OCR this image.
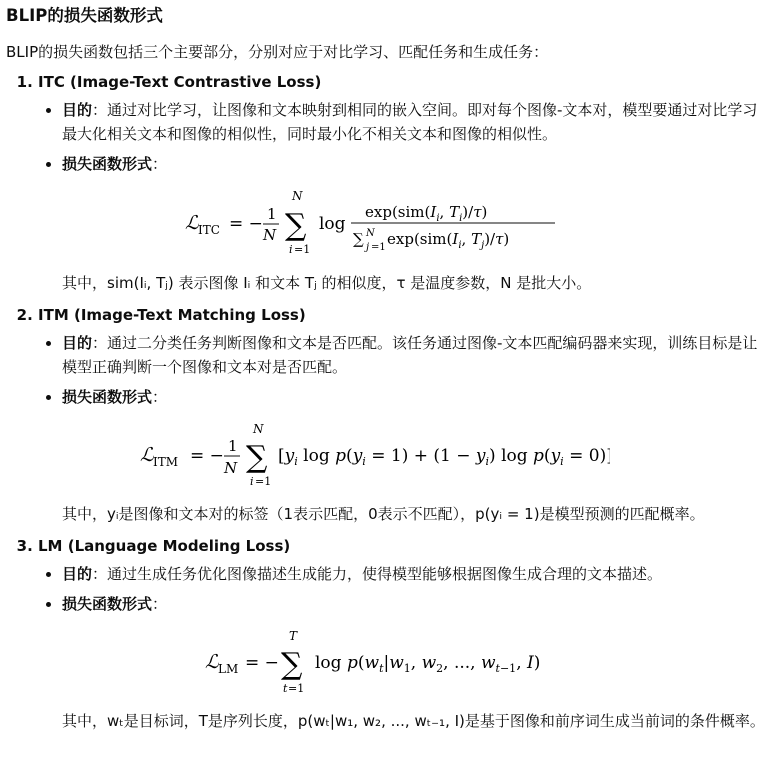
BLIP的损失函数形式

BLIP的损失函数包括三个主要部分，分别对应于对比学习、匹配任务和生成任务：

1. ITC (Image-Text Contrastive Loss)
• 目的：通过对比学习，让图像和文本映射到相同的嵌入空间。即对每个图像-文本对，模型要通过对比学习最大化相关文本和图像的相似性，同时最小化不相关文本和图像的相似性。
• 损失函数形式：
ℒ ITC = − 1
N
N
∑
i =1
log
$\exp(sim(I_i$, $T_i)/\tau$)
∑ N
j =1 $\exp(sim(I_i$, $T_j)/\tau$)
其中，sim(Iᵢ, Tⱼ) 表示图像 Iᵢ 和文本 Tⱼ 的相似度，τ 是温度参数，N 是批大小。
2. ITM (Image-Text Matching Loss)
• 目的：通过二分类任务判断图像和文本是否匹配。该任务通过图像-文本匹配编码器来实现，训练目标是让模型正确判断一个图像和文本对是否匹配。
• 损失函数形式：
ℒ ITM = − 1
N
N
∑
i =1
[$y_i$ $\log p(y_i = 1) + (1 - y_i)$ $\log p(y_i = 0)$]
其中，yᵢ是图像和文本对的标签（1表示匹配，0表示不匹配），p(yᵢ = 1)是模型预测的匹配概率。
3. LM (Language Modeling Loss)
• 目的：通过生成任务优化图像描述生成能力，使得模型能够根据图像生成合理的文本描述。
• 损失函数形式：
ℒ LM = −
T
∑
t =1
$\log p(w_t|w_1$, $w_2$, ..., $w_t-1$, I)
其中，wₜ是目标词，T是序列长度，p(wₜ|w₁, w₂, ..., wₜ₋₁, I)是基于图像和前序词生成当前词的条件概率。
